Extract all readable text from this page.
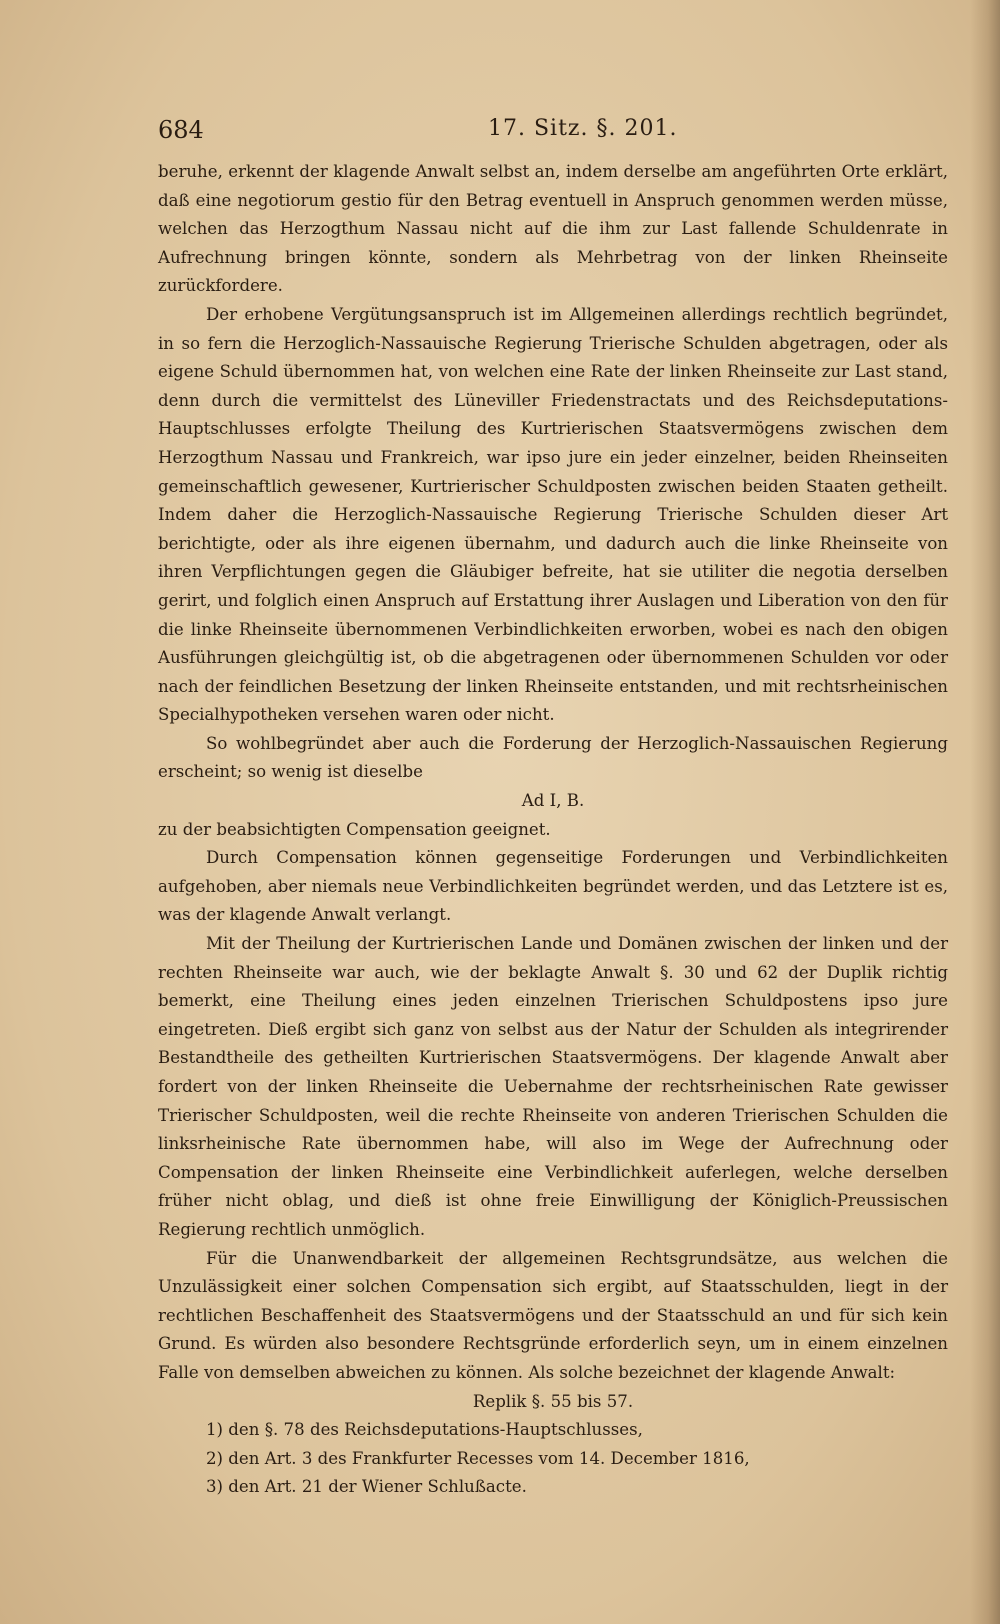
684	17. Sitz. §. 201.

beruhe, erkennt der klagende Anwalt selbst an, indem derselbe am angeführten Orte erklärt, daß eine negotiorum gestio für den Betrag eventuell in Anspruch genommen werden müsse, welchen das Herzogthum Nassau nicht auf die ihm zur Last fallende Schuldenrate in Aufrechnung bringen könnte, sondern als Mehrbetrag von der linken Rheinseite zurückfordere.

Der erhobene Vergütungsanspruch ist im Allgemeinen allerdings rechtlich begründet, in so fern die Herzoglich-Nassauische Regierung Trierische Schulden abgetragen, oder als eigene Schuld übernommen hat, von welchen eine Rate der linken Rheinseite zur Last stand, denn durch die vermittelst des Lüneviller Friedenstractats und des Reichsdeputations-Hauptschlusses erfolgte Theilung des Kurtrierischen Staatsvermögens zwischen dem Herzogthum Nassau und Frankreich, war ipso jure ein jeder einzelner, beiden Rheinseiten gemeinschaftlich gewesener, Kurtrierischer Schuldposten zwischen beiden Staaten getheilt. Indem daher die Herzoglich-Nassauische Regierung Trierische Schulden dieser Art berichtigte, oder als ihre eigenen übernahm, und dadurch auch die linke Rheinseite von ihren Verpflichtungen gegen die Gläubiger befreite, hat sie utiliter die negotia derselben gerirt, und folglich einen Anspruch auf Erstattung ihrer Auslagen und Liberation von den für die linke Rheinseite übernommenen Verbindlichkeiten erworben, wobei es nach den obigen Ausführungen gleichgültig ist, ob die abgetragenen oder übernommenen Schulden vor oder nach der feindlichen Besetzung der linken Rheinseite entstanden, und mit rechtsrheinischen Specialhypotheken versehen waren oder nicht.

So wohlbegründet aber auch die Forderung der Herzoglich-Nassauischen Regierung erscheint; so wenig ist dieselbe

Ad I, B.

zu der beabsichtigten Compensation geeignet.

Durch Compensation können gegenseitige Forderungen und Verbindlichkeiten aufgehoben, aber niemals neue Verbindlichkeiten begründet werden, und das Letztere ist es, was der klagende Anwalt verlangt.

Mit der Theilung der Kurtrierischen Lande und Domänen zwischen der linken und der rechten Rheinseite war auch, wie der beklagte Anwalt §. 30 und 62 der Duplik richtig bemerkt, eine Theilung eines jeden einzelnen Trierischen Schuldpostens ipso jure eingetreten. Dieß ergibt sich ganz von selbst aus der Natur der Schulden als integrirender Bestandtheile des getheilten Kurtrierischen Staatsvermögens. Der klagende Anwalt aber fordert von der linken Rheinseite die Uebernahme der rechtsrheinischen Rate gewisser Trierischer Schuldposten, weil die rechte Rheinseite von anderen Trierischen Schulden die linksrheinische Rate übernommen habe, will also im Wege der Aufrechnung oder Compensation der linken Rheinseite eine Verbindlichkeit auferlegen, welche derselben früher nicht oblag, und dieß ist ohne freie Einwilligung der Königlich-Preussischen Regierung rechtlich unmöglich.

Für die Unanwendbarkeit der allgemeinen Rechtsgrundsätze, aus welchen die Unzulässigkeit einer solchen Compensation sich ergibt, auf Staatsschulden, liegt in der rechtlichen Beschaffenheit des Staatsvermögens und der Staatsschuld an und für sich kein Grund. Es würden also besondere Rechtsgründe erforderlich seyn, um in einem einzelnen Falle von demselben abweichen zu können. Als solche bezeichnet der klagende Anwalt:

Replik §. 55 bis 57.

1) den §. 78 des Reichsdeputations-Hauptschlusses,

2) den Art. 3 des Frankfurter Recesses vom 14. December 1816,

3) den Art. 21 der Wiener Schlußacte.
